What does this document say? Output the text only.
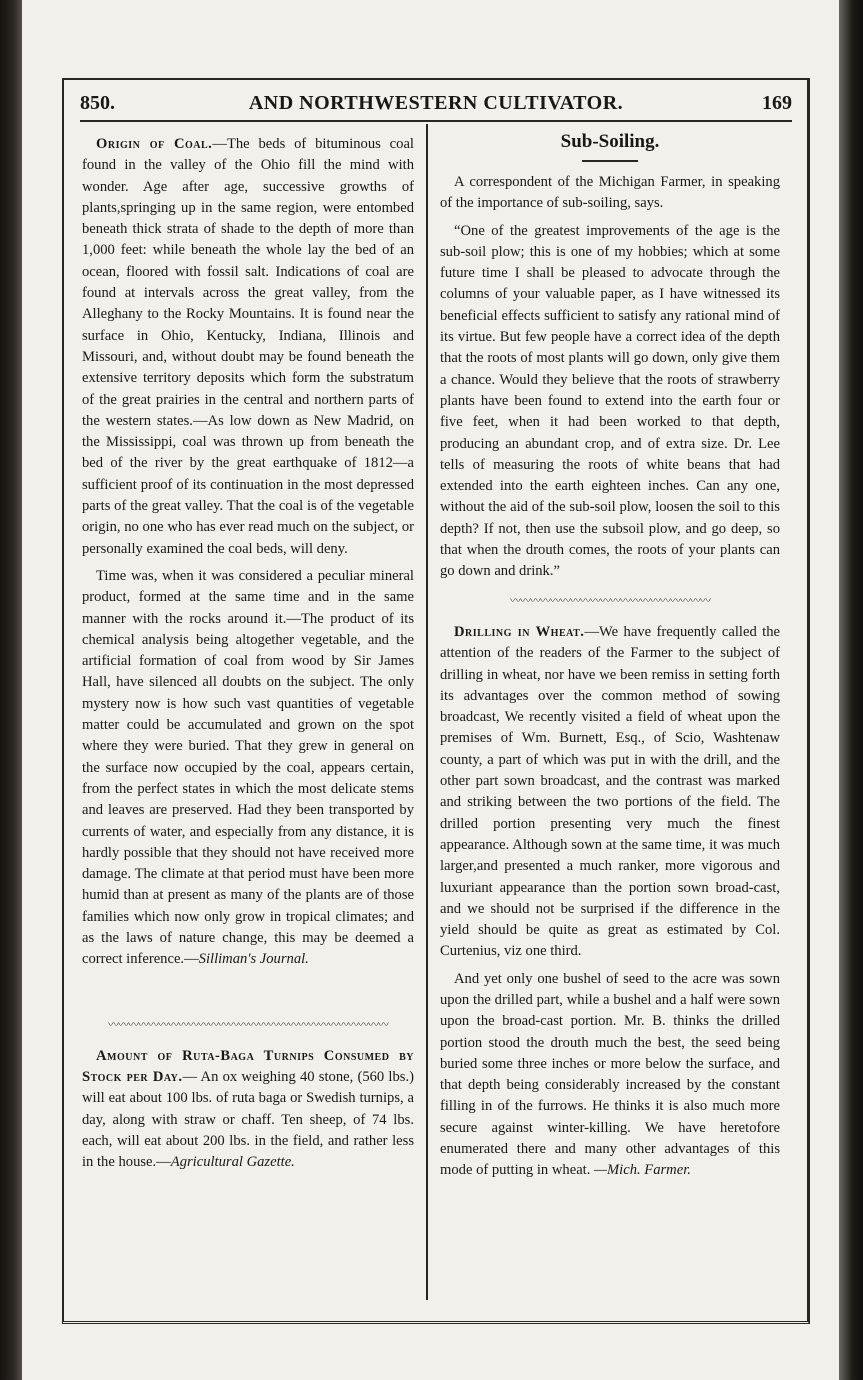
850.	AND NORTHWESTERN CULTIVATOR.	169

Origin of Coal.—The beds of bituminous coal found in the valley of the Ohio fill the mind with wonder. Age after age, successive growths of plants,springing up in the same region, were entombed beneath thick strata of shade to the depth of more than 1,000 feet: while beneath the whole lay the bed of an ocean, floored with fossil salt. Indications of coal are found at intervals across the great valley, from the Alleghany to the Rocky Mountains. It is found near the surface in Ohio, Kentucky, Indiana, Illinois and Missouri, and, without doubt may be found beneath the extensive territory deposits which form the substratum of the great prairies in the central and northern parts of the western states.—As low down as New Madrid, on the Mississippi, coal was thrown up from beneath the bed of the river by the great earthquake of 1812—a sufficient proof of its continuation in the most depressed parts of the great valley. That the coal is of the vegetable origin, no one who has ever read much on the subject, or personally examined the coal beds, will deny.

Time was, when it was considered a peculiar mineral product, formed at the same time and in the same manner with the rocks around it.—The product of its chemical analysis being altogether vegetable, and the artificial formation of coal from wood by Sir James Hall, have silenced all doubts on the subject. The only mystery now is how such vast quantities of vegetable matter could be accumulated and grown on the spot where they were buried. That they grew in general on the surface now occupied by the coal, appears certain, from the perfect states in which the most delicate stems and leaves are preserved. Had they been transported by currents of water, and especially from any distance, it is hardly possible that they should not have received more damage. The climate at that period must have been more humid than at present as many of the plants are of those families which now only grow in tropical climates; and as the laws of nature change, this may be deemed a correct inference.—Silliman's Journal.

〰〰〰〰〰〰〰〰〰〰〰〰〰〰〰〰〰〰〰〰〰〰〰〰〰〰〰〰

Amount of Ruta-Baga Turnips Consumed by Stock per Day.— An ox weighing 40 stone, (560 lbs.) will eat about 100 lbs. of ruta baga or Swedish turnips, a day, along with straw or chaff. Ten sheep, of 74 lbs. each, will eat about 200 lbs. in the field, and rather less in the house.—Agricultural Gazette.

Sub-Soiling.

A correspondent of the Michigan Farmer, in speaking of the importance of sub-soiling, says.

“One of the greatest improvements of the age is the sub-soil plow; this is one of my hobbies; which at some future time I shall be pleased to advocate through the columns of your valuable paper, as I have witnessed its beneficial effects sufficient to satisfy any rational mind of its virtue. But few people have a correct idea of the depth that the roots of most plants will go down, only give them a chance. Would they believe that the roots of strawberry plants have been found to extend into the earth four or five feet, when it had been worked to that depth, producing an abundant crop, and of extra size. Dr. Lee tells of measuring the roots of white beans that had extended into the earth eighteen inches. Can any one, without the aid of the sub-soil plow, loosen the soil to this depth? If not, then use the subsoil plow, and go deep, so that when the drouth comes, the roots of your plants can go down and drink.”

〰〰〰〰〰〰〰〰〰〰〰〰〰〰〰〰〰〰〰〰

Drilling in Wheat.—We have frequently called the attention of the readers of the Farmer to the subject of drilling in wheat, nor have we been remiss in setting forth its advantages over the common method of sowing broadcast, We recently visited a field of wheat upon the premises of Wm. Burnett, Esq., of Scio, Washtenaw county, a part of which was put in with the drill, and the other part sown broadcast, and the contrast was marked and striking between the two portions of the field. The drilled portion presenting very much the finest appearance. Although sown at the same time, it was much larger,and presented a much ranker, more vigorous and luxuriant appearance than the portion sown broad-cast, and we should not be surprised if the difference in the yield should be quite as great as estimated by Col. Curtenius, viz one third.

And yet only one bushel of seed to the acre was sown upon the drilled part, while a bushel and a half were sown upon the broad-cast portion. Mr. B. thinks the drilled portion stood the drouth much the best, the seed being buried some three inches or more below the surface, and that depth being considerably increased by the constant filling in of the furrows. He thinks it is also much more secure against winter-killing. We have heretofore enumerated there and many other advantages of this mode of putting in wheat. —Mich. Farmer.
